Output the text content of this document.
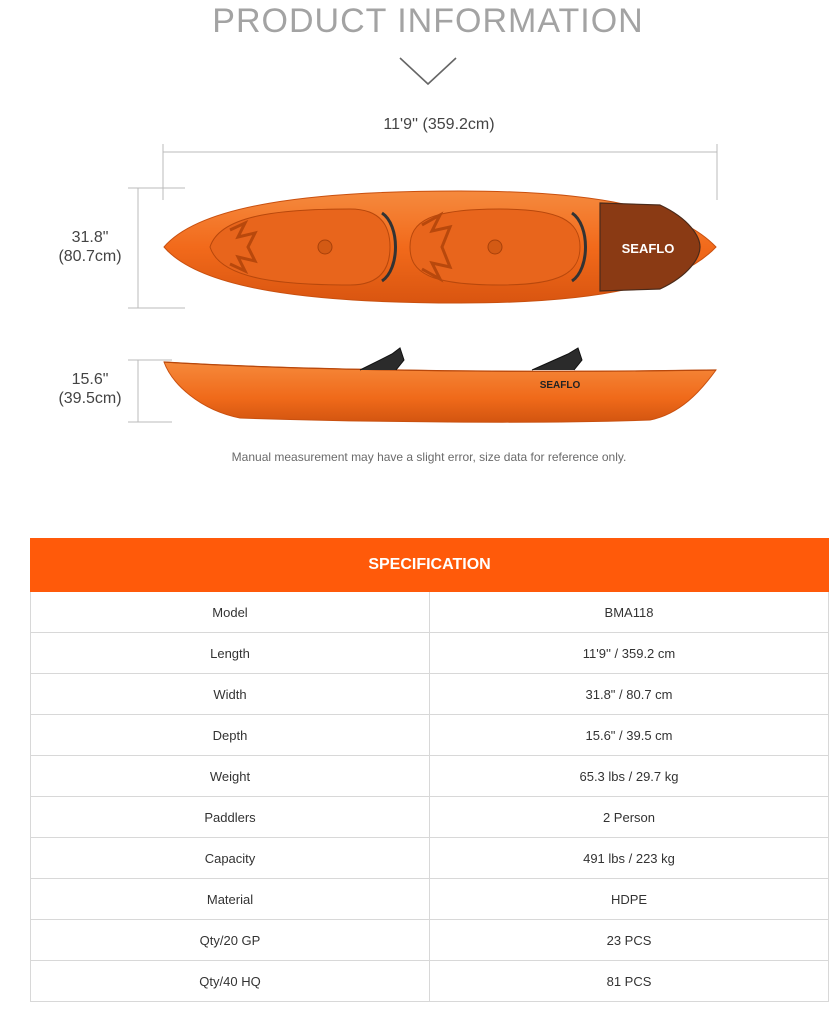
PRODUCT INFORMATION
11'9'' (359.2cm)
31.8"
(80.7cm)
15.6"
(39.5cm)
SEAFLO
SEAFLO
Manual measurement may have a slight error, size data for reference only.
SPECIFICATION	
Model	BMA118
Length	11'9'' / 359.2 cm
Width	31.8" / 80.7 cm
Depth	15.6" / 39.5 cm
Weight	65.3 lbs / 29.7 kg
Paddlers	2 Person
Capacity	491 lbs / 223 kg
Material	HDPE
Qty/20 GP	23 PCS
Qty/40 HQ	81 PCS
